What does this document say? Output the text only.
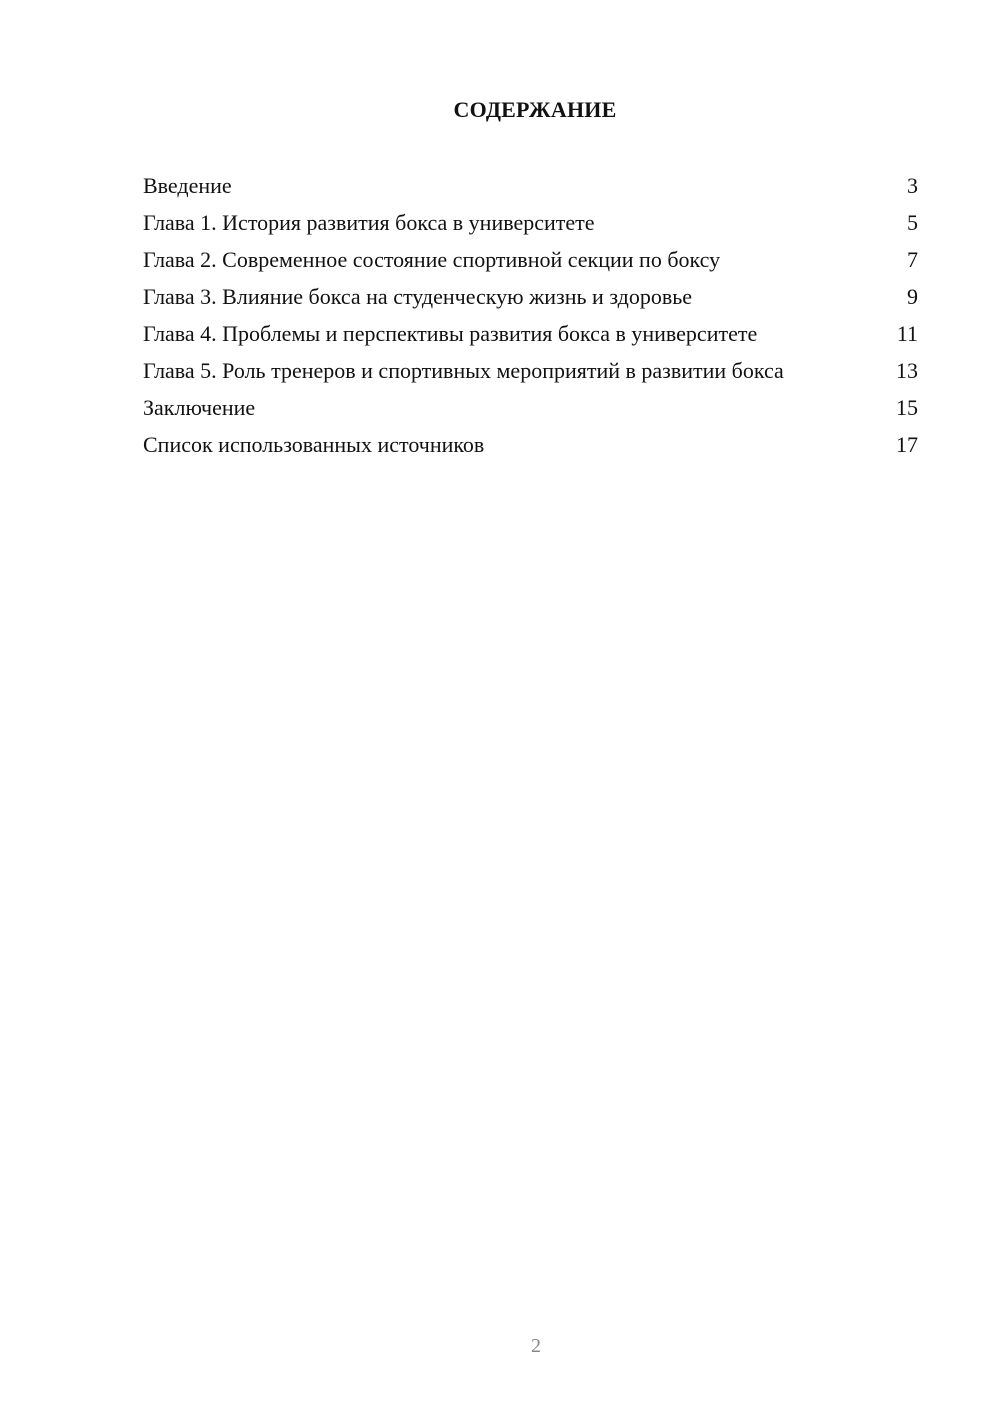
СОДЕРЖАНИЕ
Введение	3
Глава 1. История развития бокса в университете	5
Глава 2. Современное состояние спортивной секции по боксу	7
Глава 3. Влияние бокса на студенческую жизнь и здоровье	9
Глава 4. Проблемы и перспективы развития бокса в университете	11
Глава 5. Роль тренеров и спортивных мероприятий в развитии бокса	13
Заключение	15
Список использованных источников	17
2
